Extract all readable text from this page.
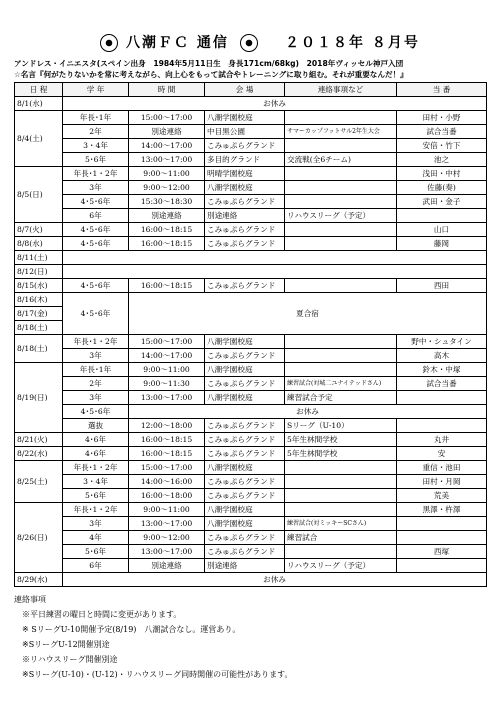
八潮ＦＣ 通信	２０１８年 ８月号
アンドレス・イニエスタ(スペイン出身　1984年5月11日生　身長171cm/68kg)　2018年ヴィッセル神戸入団
☆名言『何がたりないかを常に考えながら、向上心をもって試合やトレーニングに取り組む。それが重要なんだ！』
日 程	学 年	時 間	会 場	連絡事項など	当 番
8/1(水)	お休み				
8/4(土)	年長･1年	15:00～17:00	八潮学園校庭		田村・小野
	2年	別途連絡	中目黒公園	サマーカップフットサル2年生大会	試合当番
	3・4年	14:00～17:00	こみゅぷらグランド		安倍・竹下
	5･6年	13:00～17:00	多目的グランド	交流戦(全6チーム)	池之
8/5(日)	年長･1・2年	9:00～11:00	明晴学園校庭		浅田・中村
	3年	9:00～12:00	八潮学園校庭		佐藤(奏)
	4･5･6年	15:30～18:30	こみゅぷらグランド		武田・金子
	6年	別途連絡	別途連絡	リハウスリーグ（予定）	
8/7(火)	4･5･6年	16:00～18:15	こみゅぷらグランド		山口
8/8(水)	4･5･6年	16:00～18:15	こみゅぷらグランド		藤岡
8/11(土)					
8/12(日)					
8/15(水)	4･5･6年	16:00～18:15	こみゅぷらグランド		西田
8/16(木)	4･5･6年	夏合宿			
8/17(金)					
8/18(土)					
8/18(土)	年長･1・2年	15:00～17:00	八潮学園校庭		野中・シュタイン
	3年	14:00～17:00	こみゅぷらグランド		高木
8/19(日)	年長･1年	9:00～11:00	八潮学園校庭		鈴木・中塚
	2年	9:00～11:30	こみゅぷらグランド	練習試合(対城二ユナイテッドさん)	試合当番
	3年	13:00～17:00	八潮学園校庭	練習試合予定	
	4･5･6年	お休み			
	選抜	12:00～18:00	こみゅぷらグランド	Sリーグ（U-10）	
8/21(火)	4･6年	16:00～18:15	こみゅぷらグランド	5年生林間学校	丸井
8/22(水)	4･6年	16:00～18:15	こみゅぷらグランド	5年生林間学校	安
8/25(土)	年長･1・2年	15:00～17:00	八潮学園校庭		重信・池田
	3・4年	14:00～16:00	こみゅぷらグランド		田村・月岡
	5･6年	16:00～18:00	こみゅぷらグランド		荒美
8/26(日)	年長･1・2年	9:00～11:00	八潮学園校庭		黒澤・杵澤
	3年	13:00～17:00	八潮学園校庭	練習試合(対ミッキーSCさん)	
	4年	9:00～12:00	こみゅぷらグランド	練習試合	
	5･6年	13:00～17:00	こみゅぷらグランド		西塚
	6年	別途連絡	別途連絡	リハウスリーグ（予定）	
8/29(水)	お休み				
連絡事項
※平日練習の曜日と時間に変更があります。
※ SリーグU-10開催予定(8/19)　八潮試合なし。運営あり。
※SリーグU-12開催別途
※リハウスリーグ開催別途
※Sリーグ(U-10)・(U-12)・リハウスリーグ同時開催の可能性があります。
